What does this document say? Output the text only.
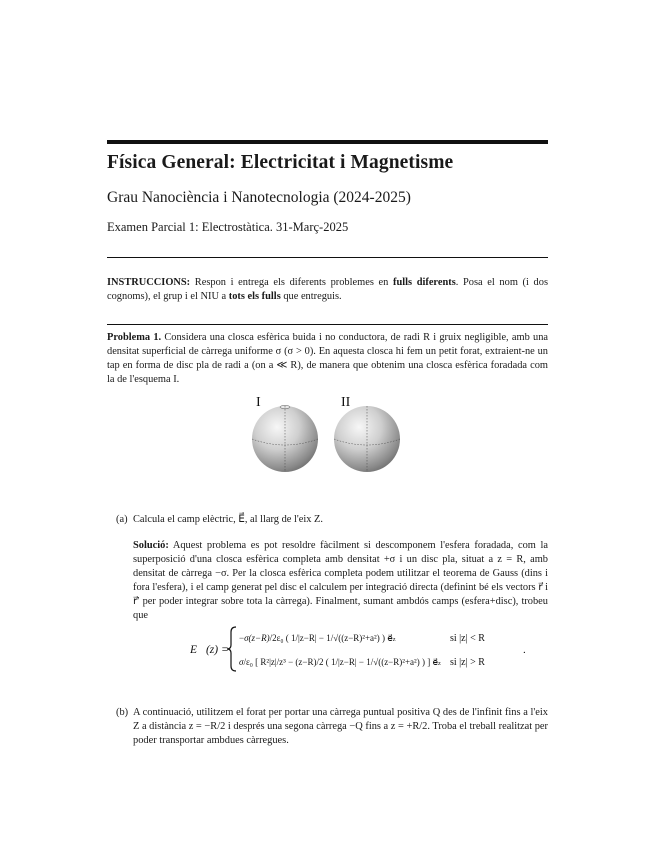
Física General: Electricitat i Magnetisme
Grau Nanociència i Nanotecnologia (2024-2025)
Examen Parcial 1: Electrostàtica. 31-Març-2025
INSTRUCCIONS: Respon i entrega els diferents problemes en fulls diferents. Posa el nom (i dos cognoms), el grup i el NIU a tots els fulls que entreguis.
Problema 1. Considera una closca esfèrica buida i no conductora, de radi R i gruix negligible, amb una densitat superficial de càrrega uniforme σ (σ > 0). En aquesta closca hi fem un petit forat, extraient-ne un tap en forma de disc pla de radi a (on a ≪ R), de manera que obtenim una closca esfèrica foradada com la de l'esquema I.
I	II
(a) Calcula el camp elèctric, E⃗, al llarg de l'eix Z.
Solució: Aquest problema es pot resoldre fàcilment si descomponem l'esfera foradada, com la superposició d'una closca esfèrica completa amb densitat +σ i un disc pla, situat a z = R, amb densitat de càrrega −σ. Per la closca esfèrica completa podem utilitzar el teorema de Gauss (dins i fora l'esfera), i el camp generat pel disc el calculem per integració directa (definint bé els vectors r⃗ i r⃗′ per poder integrar sobre tota la càrrega). Finalment, sumant ambdós camps (esfera+disc), trobeu que
E⃗(z) =
−σ(z−R)/2ε₀ ( 1/|z−R| − 1/√((z−R)²+a²) ) e⃗z	si |z| < R
σ/ε₀ [ R²|z|/z³ − (z−R)/2 ( 1/|z−R| − 1/√((z−R)²+a²) ) ] e⃗z si |z| > R
.
(b) A continuació, utilitzem el forat per portar una càrrega puntual positiva Q des de l'infinit fins a l'eix Z a distància z = −R/2 i després una segona càrrega −Q fins a z = +R/2. Troba el treball realitzat per poder transportar ambdues càrregues.
